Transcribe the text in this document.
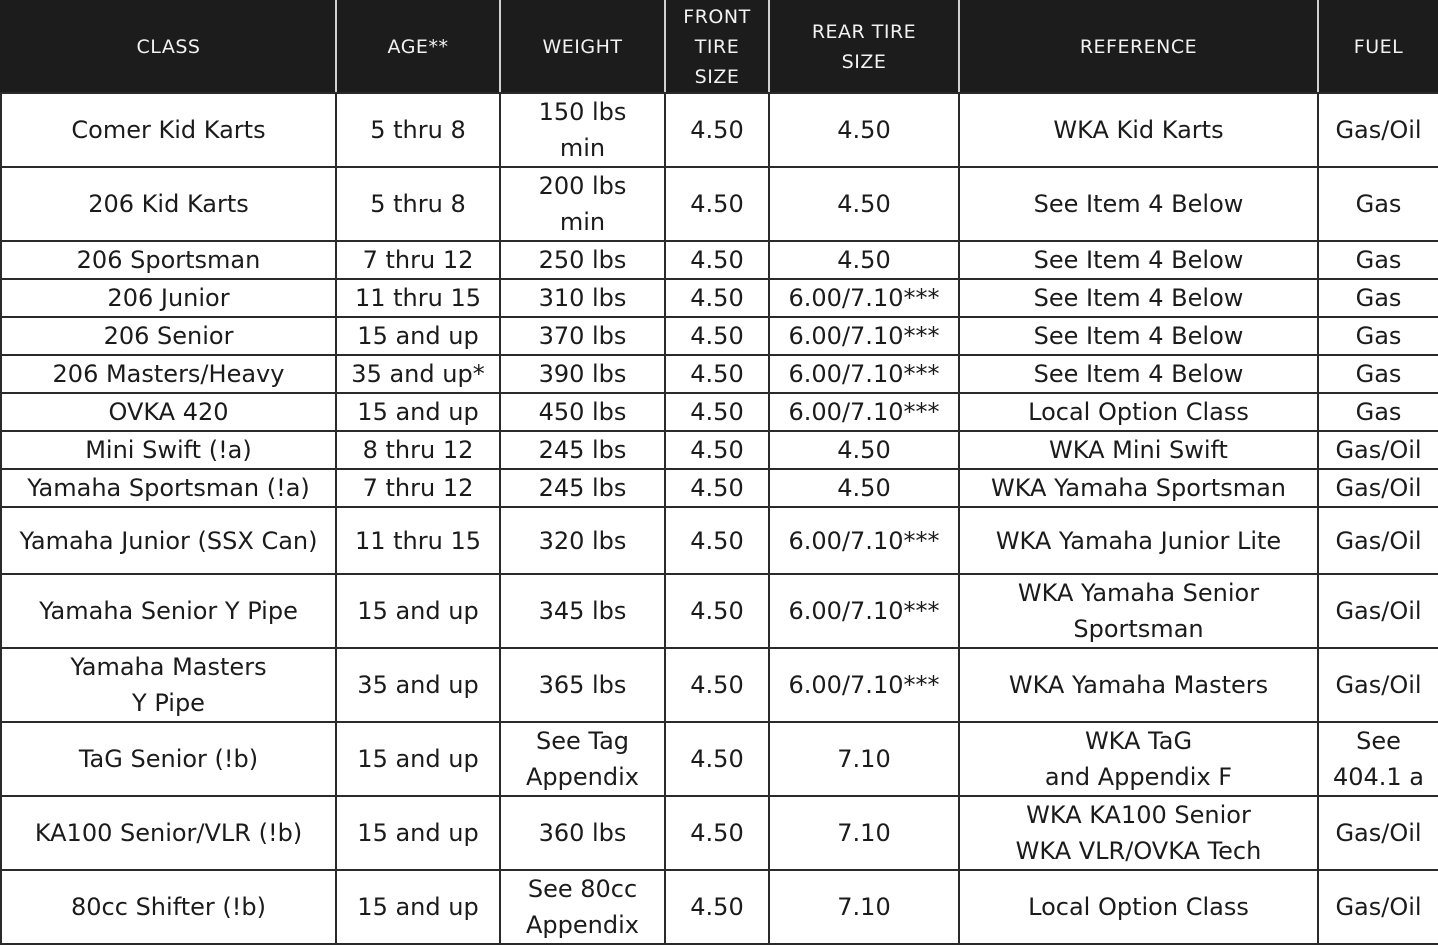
CLASS	AGE**	WEIGHT	FRONT
TIRE
SIZE	REAR TIRE
SIZE	REFERENCE	FUEL

Comer Kid Karts	5 thru 8	150 lbs
min	4.50	4.50	WKA Kid Karts	Gas/Oil

206 Kid Karts	5 thru 8	200 lbs
min	4.50	4.50	See Item 4 Below	Gas

206 Sportsman	7 thru 12	250 lbs	4.50	4.50	See Item 4 Below	Gas

206 Junior	11 thru 15	310 lbs	4.50	6.00/7.10***	See Item 4 Below	Gas

206 Senior	15 and up	370 lbs	4.50	6.00/7.10***	See Item 4 Below	Gas

206 Masters/Heavy	35 and up*	390 lbs	4.50	6.00/7.10***	See Item 4 Below	Gas

OVKA 420	15 and up	450 lbs	4.50	6.00/7.10***	Local Option Class	Gas

Mini Swift (!a)	8 thru 12	245 lbs	4.50	4.50	WKA Mini Swift	Gas/Oil

Yamaha Sportsman (!a)	7 thru 12	245 lbs	4.50	4.50	WKA Yamaha Sportsman	Gas/Oil

Yamaha Junior (SSX Can)	11 thru 15	320 lbs	4.50	6.00/7.10***	WKA Yamaha Junior Lite	Gas/Oil

Yamaha Senior Y Pipe	15 and up	345 lbs	4.50	6.00/7.10***	WKA Yamaha Senior
Sportsman	Gas/Oil

Yamaha Masters
Y Pipe	35 and up	365 lbs	4.50	6.00/7.10***	WKA Yamaha Masters	Gas/Oil

TaG Senior (!b)	15 and up	See Tag
Appendix	4.50	7.10	WKA TaG
and Appendix F	See
404.1 a

KA100 Senior/VLR (!b)	15 and up	360 lbs	4.50	7.10	WKA KA100 Senior
WKA VLR/OVKA Tech	Gas/Oil

80cc Shifter (!b)	15 and up	See 80cc
Appendix	4.50	7.10	Local Option Class	Gas/Oil
